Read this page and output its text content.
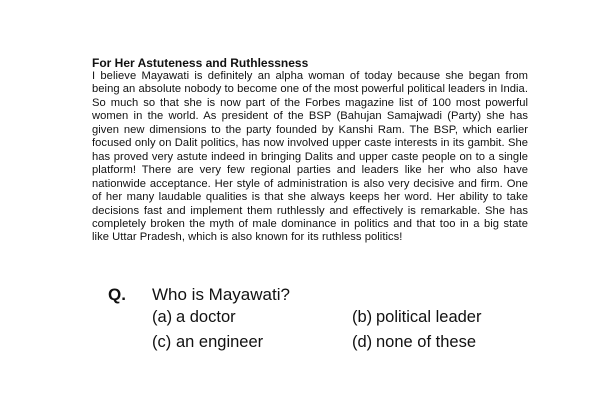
For Her Astuteness and Ruthlessness

I believe Mayawati is definitely an alpha woman of today because she began from being an absolute nobody to become one of the most powerful political leaders in India. So much so that she is now part of the Forbes magazine list of 100 most powerful women in the world. As president of the BSP (Bahujan Samajwadi (Party) she has given new dimensions to the party founded by Kanshi Ram. The BSP, which earlier focused only on Dalit politics, has now involved upper caste interests in its gambit. She has proved very astute indeed in bringing Dalits and upper caste people on to a single platform! There are very few regional parties and leaders like her who also have nationwide acceptance. Her style of administration is also very decisive and firm. One of her many laudable qualities is that she always keeps her word. Her ability to take decisions fast and implement them ruthlessly and effectively is remarkable. She has completely broken the myth of male dominance in politics and that too in a big state like Uttar Pradesh, which is also known for its ruthless politics!

Q.	Who is Mayawati?
(a) a doctor	(b) political leader
(c) an engineer	(d) none of these
